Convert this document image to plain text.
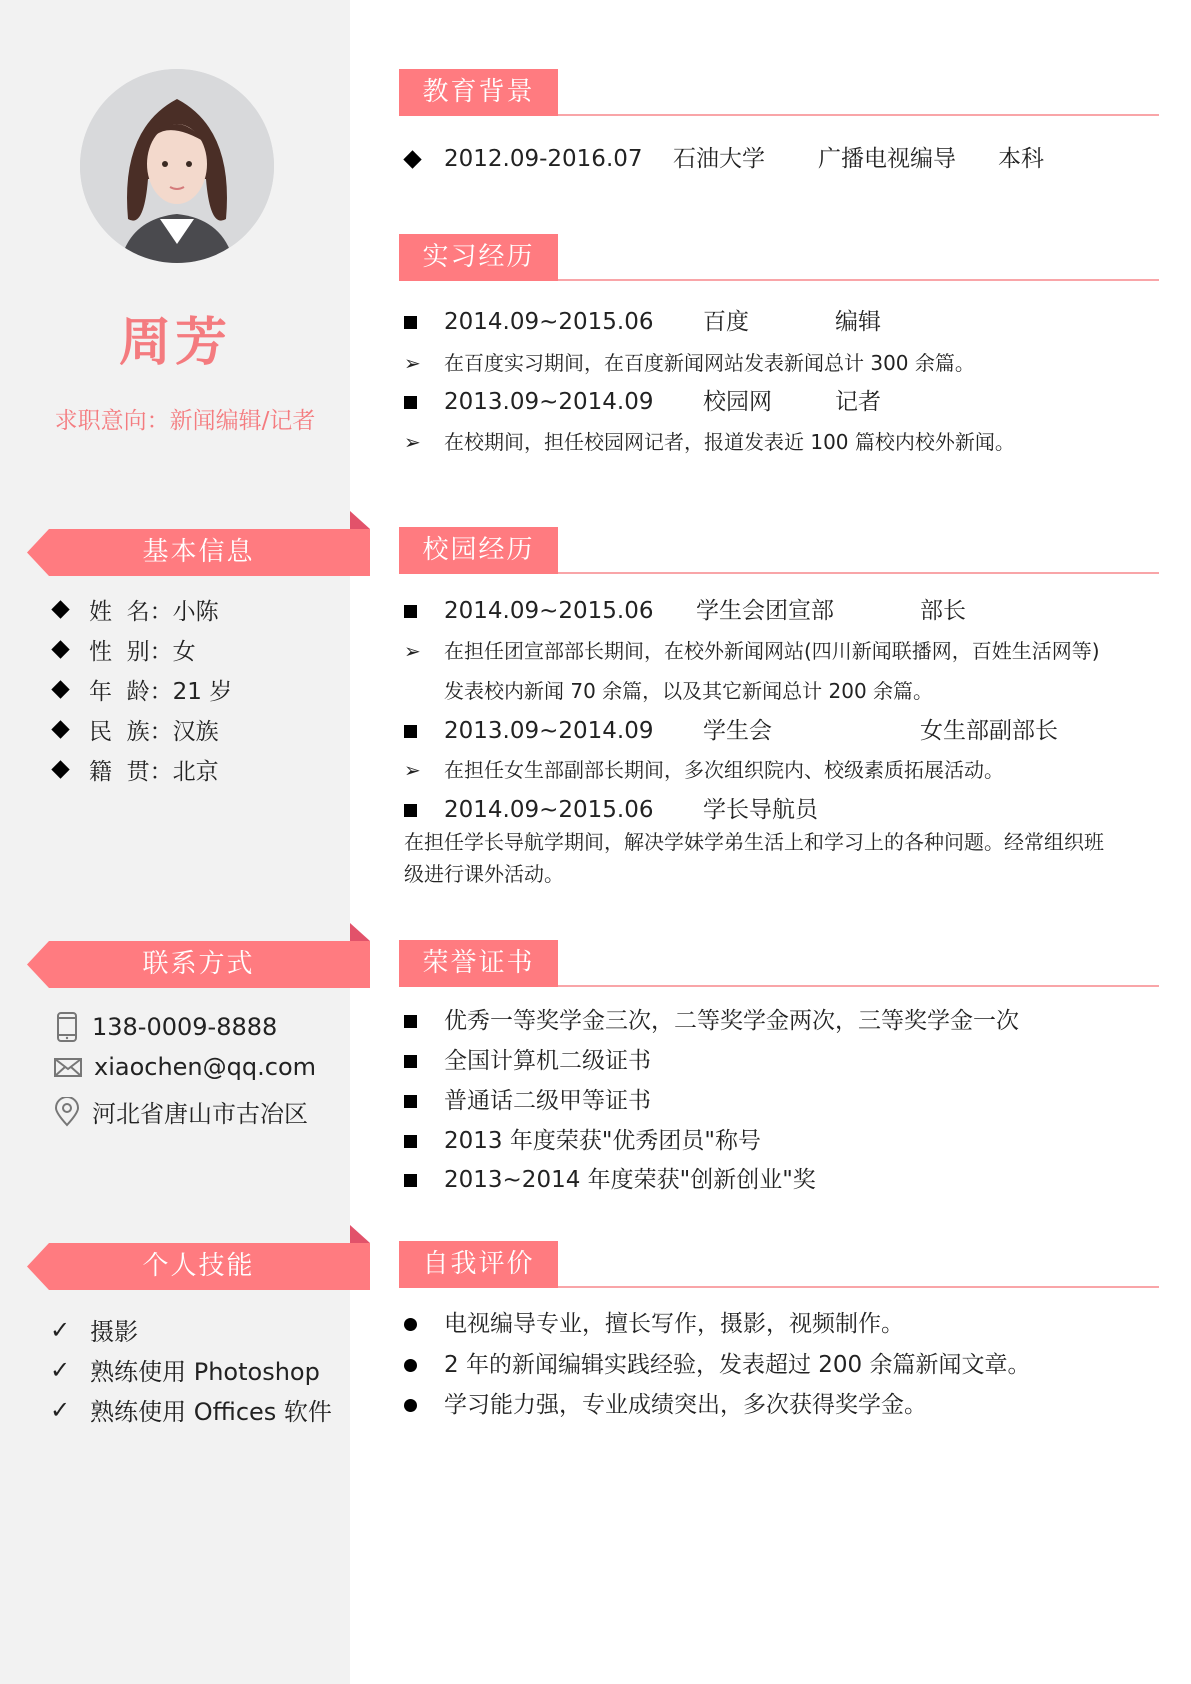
周芳
求职意向：新闻编辑/记者
基本信息
姓  名： 小陈
性  别： 女
年  龄： 21 岁
民  族： 汉族
籍  贯： 北京
联系方式
138-0009-8888
xiaochen@qq.com
河北省唐山市古冶区
个人技能
✓ 摄影
✓ 熟练使用 Photoshop
✓ 熟练使用 Offices 软件
教育背景
2012.09-2016.07 石油大学 广播电视编导 本科
实习经历
2014.09~2015.06 百度	编辑
➢ 在百度实习期间，在百度新闻网站发表新闻总计 300 余篇。
2013.09~2014.09 校园网	记者
➢ 在校期间，担任校园网记者，报道发表近 100 篇校内校外新闻。
校园经历
2014.09~2015.06 学生会团宣部	部长
➢ 在担任团宣部部长期间，在校外新闻网站(四川新闻联播网，百姓生活网等)
发表校内新闻 70 余篇，以及其它新闻总计 200 余篇。
2013.09~2014.09 学生会	女生部副部长
➢ 在担任女生部副部长期间，多次组织院内、校级素质拓展活动。
2014.09~2015.06 学长导航员
在担任学长导航学期间，解决学妹学弟生活上和学习上的各种问题。经常组织班
级进行课外活动。
荣誉证书
优秀一等奖学金三次，二等奖学金两次，三等奖学金一次
全国计算机二级证书
普通话二级甲等证书
2013 年度荣获"优秀团员"称号
2013~2014 年度荣获"创新创业"奖
自我评价
电视编导专业，擅长写作，摄影，视频制作。
2 年的新闻编辑实践经验，发表超过 200 余篇新闻文章。
学习能力强，专业成绩突出，多次获得奖学金。
